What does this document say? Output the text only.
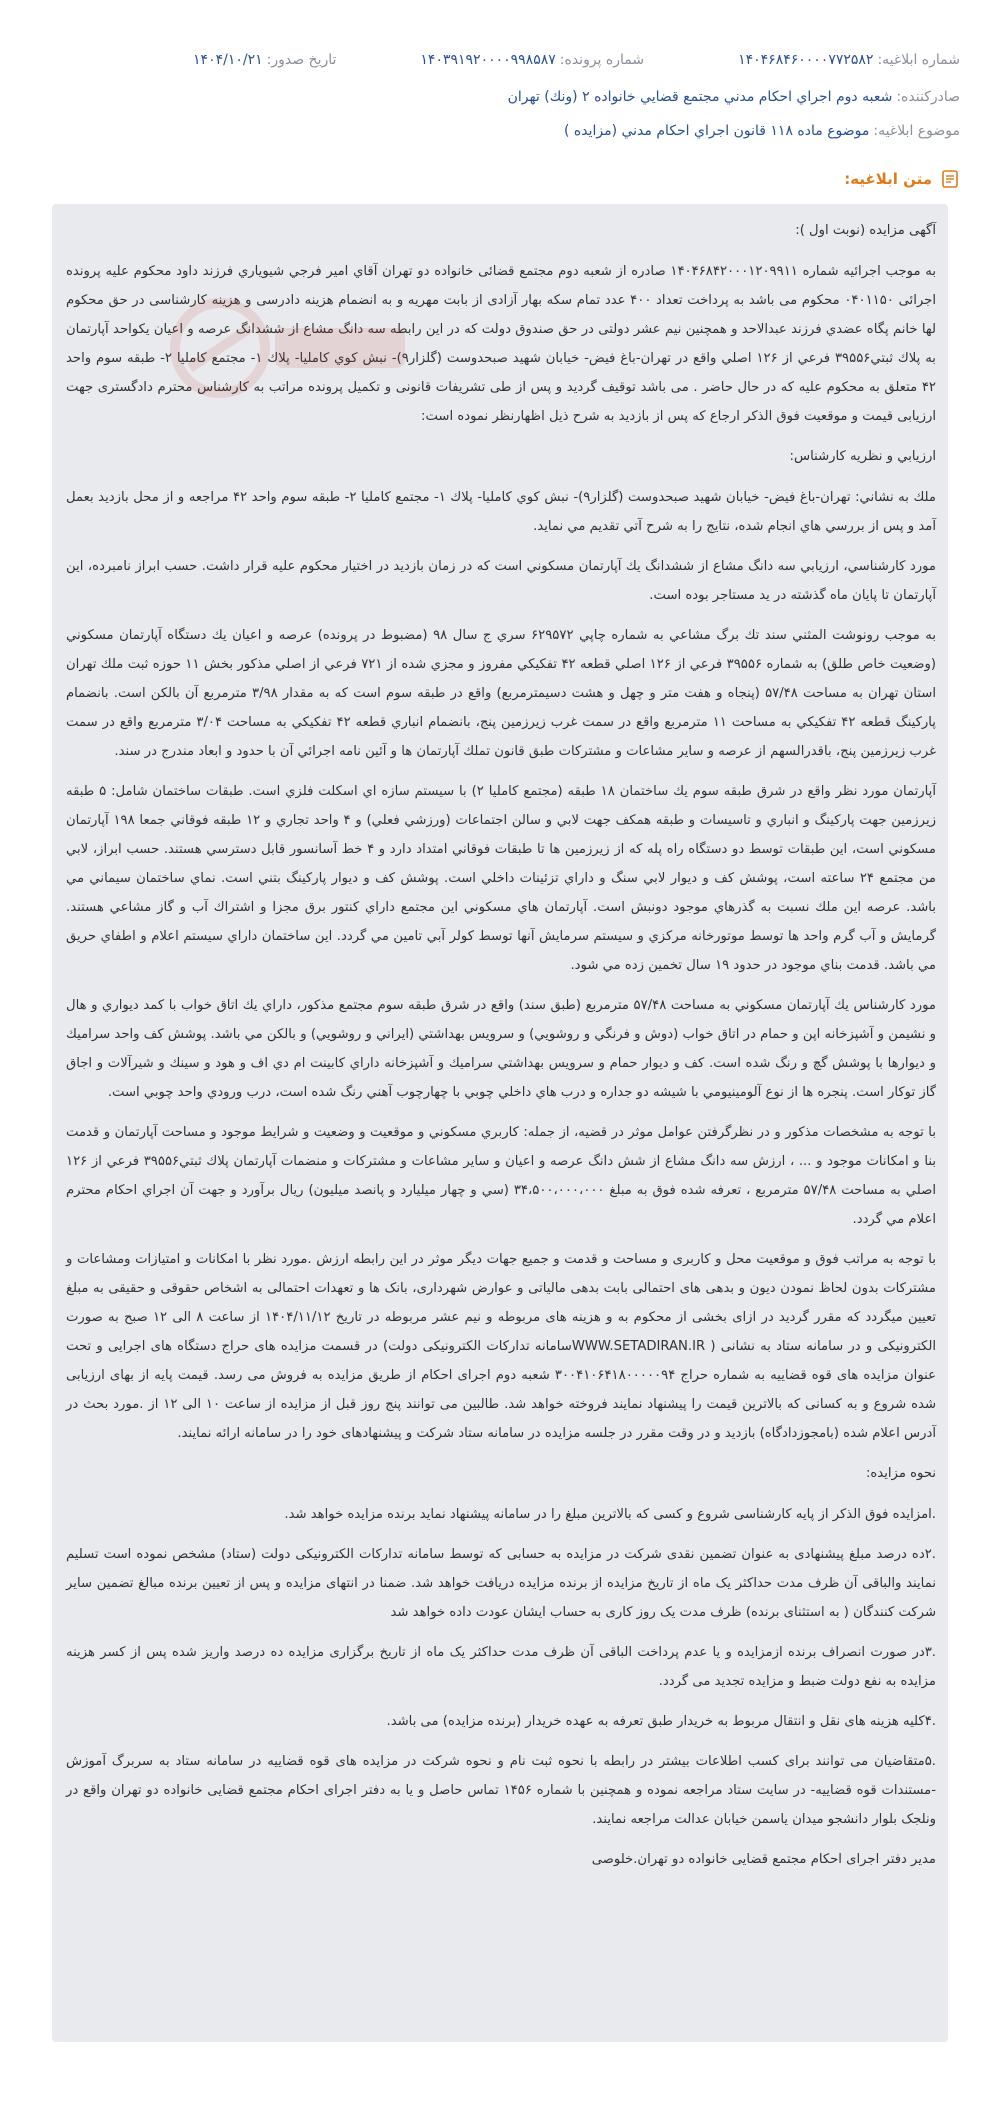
شماره ابلاغيه:
۱۴۰۴۶۸۴۶۰۰۰۰۷۷۲۵۸۲
شماره پرونده:
۱۴۰۳۹۱۹۲۰۰۰۰۹۹۸۵۸۷
تاريخ صدور:
۱۴۰۴/۱۰/۲۱
صادرکننده:
شعبه دوم اجراي احكام مدني مجتمع قضايي خانواده ۲ (ونك) تهران
موضوع ابلاغيه:
موضوع ماده ۱۱۸ قانون اجراي احكام مدني (مزايده )
متن ابلاغيه:

آگهی مزایده (نوبت اول ):

به موجب اجرائیه شماره ۱۴۰۴۶۸۴۲۰۰۰۱۲۰۹۹۱۱ صادره از شعبه دوم مجتمع قضائی خانواده دو تهران آقاي امير فرجي شيوياري فرزند داود محکوم علیه پرونده اجرائی ۰۴۰۱۱۵۰ محکوم می باشد به پرداخت تعداد ۴۰۰ عدد تمام سکه بهار آزادی از بابت مهریه و به انضمام هزینه دادرسی و هزینه کارشناسی در حق محکوم لها خانم پگاه عضدي فرزند عبدالاحد و همچنین نیم عشر دولتی در حق صندوق دولت که در این رابطه سه دانگ مشاع از ششدانگ عرصه و اعيان يكواحد آپارتمان به پلاك ثبتي۳۹۵۵۶ فرعي از ۱۲۶ اصلي واقع در تهران-باغ فيض- خيابان شهيد صبحدوست (گلزار۹)- نبش كوي كامليا- پلاك ۱- مجتمع كامليا ۲- طبقه سوم واحد ۴۲ متعلق به محکوم علیه که در حال حاضر . می باشد توقیف گردید و پس از طی تشریفات قانونی و تکمیل پرونده مراتب به کارشناس محترم دادگستری جهت ارزیابی قیمت و موقعیت فوق الذکر ارجاع که پس از بازدید به شرح ذیل اظهارنظر نموده است:

ارزيابي و نظريه كارشناس:

ملك به نشاني: تهران-باغ فيض- خيابان شهيد صبحدوست (گلزار۹)- نبش كوي كامليا- پلاك ۱- مجتمع كامليا ۲- طبقه سوم واحد ۴۲ مراجعه و از محل بازديد بعمل آمد و پس از بررسي هاي انجام شده، نتايج را به شرح آتي تقديم مي نمايد.

مورد كارشناسي، ارزيابي سه دانگ مشاع از ششدانگ يك آپارتمان مسكوني است كه در زمان بازديد در اختيار محكوم عليه قرار داشت. حسب ابراز نامبرده، اين آپارتمان تا پايان ماه گذشته در يد مستاجر بوده است.

به موجب رونوشت المثني سند تك برگ مشاعي به شماره چاپي ۶۲۹۵۷۲ سري ج سال ۹۸ (مضبوط در پرونده) عرصه و اعيان يك دستگاه آپارتمان مسكوني (وضعيت خاص طلق) به شماره ۳۹۵۵۶ فرعي از ۱۲۶ اصلي قطعه ۴۲ تفكيكي مفروز و مجزي شده از ۷۲۱ فرعي از اصلي مذكور بخش ۱۱ حوزه ثبت ملك تهران استان تهران به مساحت ۵۷/۴۸ (پنجاه و هفت متر و چهل و هشت دسيمترمربع) واقع در طبقه سوم است كه به مقدار ۳/۹۸ مترمربع آن بالكن است. بانضمام پاركينگ قطعه ۴۲ تفكيكي به مساحت ۱۱ مترمربع واقع در سمت غرب زيرزمين پنج، بانضمام انباري قطعه ۴۲ تفكيكي به مساحت ۳/۰۴ مترمربع واقع در سمت غرب زيرزمين پنج، باقدرالسهم از عرصه و ساير مشاعات و مشتركات طبق قانون تملك آپارتمان ها و آئين نامه اجرائي آن با حدود و ابعاد مندرج در سند.

آپارتمان مورد نظر واقع در شرق طبقه سوم يك ساختمان ۱۸ طبقه (مجتمع كامليا ۲) با سيستم سازه اي اسكلت فلزي است. طبقات ساختمان شامل: ۵ طبقه زيرزمين جهت پاركينگ و انباري و تاسيسات و طبقه همكف جهت لابي و سالن اجتماعات (ورزشي فعلي) و ۴ واحد تجاري و ۱۲ طبقه فوقاني جمعا ۱۹۸ آپارتمان مسكوني است، اين طبقات توسط دو دستگاه راه پله كه از زيرزمين ها تا طبقات فوقاني امتداد دارد و ۴ خط آسانسور قابل دسترسي هستند. حسب ابراز، لابي من مجتمع ۲۴ ساعته است، پوشش كف و ديوار لابي سنگ و داراي تزئينات داخلي است. پوشش كف و ديوار پاركينگ بتني است. نماي ساختمان سيماني مي باشد. عرصه اين ملك نسبت به گذرهاي موجود دونبش است. آپارتمان هاي مسكوني اين مجتمع داراي كنتور برق مجزا و اشتراك آب و گاز مشاعي هستند. گرمايش و آب گرم واحد ها توسط موتورخانه مركزي و سيستم سرمايش آنها توسط كولر آبي تامين مي گردد. اين ساختمان داراي سيستم اعلام و اطفاي حريق مي باشد. قدمت بناي موجود در حدود ۱۹ سال تخمين زده مي شود.

مورد كارشناس يك آپارتمان مسكوني به مساحت ۵۷/۴۸ مترمربع (طبق سند) واقع در شرق طبقه سوم مجتمع مذكور، داراي يك اتاق خواب با كمد ديواري و هال و نشيمن و آشپزخانه اپن و حمام در اتاق خواب (دوش و فرنگي و روشويي) و سرويس بهداشتي (ايراني و روشويي) و بالكن مي باشد. پوشش كف واحد سراميك و ديوارها با پوشش گچ و رنگ شده است. كف و ديوار حمام و سرويس بهداشتي سراميك و آشپزخانه داراي كابينت ام دي اف و هود و سينك و شيرآلات و اجاق گاز توكار است. پنجره ها از نوع آلومينيومي با شيشه دو جداره و درب هاي داخلي چوبي با چهارچوب آهني رنگ شده است، درب ورودي واحد چوبي است.

با توجه به مشخصات مذكور و در نظرگرفتن عوامل موثر در قضيه، از جمله: كاربري مسكوني و موقعيت و وضعيت و شرايط موجود و مساحت آپارتمان و قدمت بنا و امكانات موجود و ... ، ارزش سه دانگ مشاع از شش دانگ عرصه و اعيان و ساير مشاعات و مشتركات و منضمات آپارتمان پلاك ثبتي۳۹۵۵۶ فرعي از ۱۲۶ اصلي به مساحت ۵۷/۴۸ مترمربع ، تعرفه شده فوق به مبلغ ۳۴،۵۰۰،۰۰۰،۰۰۰ (سي و چهار ميليارد و پانصد ميليون) ريال برآورد و جهت آن اجراي احكام محترم اعلام مي گردد.

با توجه به مراتب فوق و موقعیت محل و کاربری و مساحت و قدمت و جمیع جهات دیگر موثر در این رابطه ارزش .مورد نظر با امکانات و امتیازات ومشاعات و مشترکات بدون لحاظ نمودن دیون و بدهی های احتمالی بابت بدهی مالیاتی و عوارض شهرداری، بانک ها و تعهدات احتمالی به اشخاص حقوقی و حقیقی به مبلغ تعیین میگردد که مقرر گردید در ازای بخشی از محکوم به و هزینه های مربوطه و نیم عشر مربوطه در تاریخ ۱۴۰۴/۱۱/۱۲ از ساعت ۸ الی ۱۲ صبح به صورت الکترونیکی و در سامانه ستاد به نشانی ( WWW.SETADIRAN.IRسامانه تدارکات الکترونیکی دولت) در قسمت مزایده های حراج دستگاه های اجرایی و تحت عنوان مزایده های قوه قضاییه به شماره حراج ۳۰۰۴۱۰۶۴۱۸۰۰۰۰۰۹۴ شعبه دوم اجرای احکام از طریق مزایده به فروش می رسد. قیمت پایه از بهای ارزیابی شده شروع و به کسانی که بالاترین قیمت را پیشنهاد نمایند فروخته خواهد شد. طالبین می توانند پنج روز قبل از مزایده از ساعت ۱۰ الی ۱۲ از .مورد بحث در آدرس اعلام شده (بامجوزدادگاه) بازدید و در وقت مقرر در جلسه مزایده در سامانه ستاد شرکت و پیشنهادهای خود را در سامانه ارائه نمایند.

نحوه مزایده:

.امزایده فوق الذکر از پایه کارشناسی شروع و کسی که بالاترین مبلغ را در سامانه پیشنهاد نماید برنده مزایده خواهد شد.

.۲ده درصد مبلغ پیشنهادی به عنوان تضمین نقدی شرکت در مزایده به حسابی که توسط سامانه تدارکات الکترونیکی دولت (ستاد) مشخص نموده است تسلیم نمایند والباقی آن ظرف مدت حداکثر یک ماه از تاریخ مزایده از برنده مزایده دریافت خواهد شد. ضمنا در انتهای مزایده و پس از تعیین برنده مبالغ تضمین سایر شرکت کنندگان ( به استثنای برنده) ظرف مدت یک روز کاری به حساب ایشان عودت داده خواهد شد

.۳در صورت انصراف برنده ازمزایده و یا عدم پرداخت الباقی آن ظرف مدت حداکثر یک ماه از تاریخ برگزاری مزایده ده درصد واریز شده پس از کسر هزینه مزایده به نفع دولت ضبط و مزایده تجدید می گردد.

.۴کلیه هزینه های نقل و انتقال مربوط به خریدار طبق تعرفه به عهده خریدار (برنده مزایده) می باشد.

.۵متقاضیان می توانند برای کسب اطلاعات بیشتر در رابطه با نحوه ثبت نام و نحوه شرکت در مزایده های قوه قضاییه در سامانه ستاد به سربرگ آموزش -مستندات قوه قضاییه- در سایت ستاد مراجعه نموده و همچنین با شماره ۱۴۵۶ تماس حاصل و یا به دفتر اجرای احکام مجتمع قضایی خانواده دو تهران واقع در ونلجک بلوار دانشجو میدان یاسمن خیابان عدالت مراجعه نمایند.

مدیر دفتر اجرای احکام مجتمع قضایی خانواده دو تهران.خلوصی
